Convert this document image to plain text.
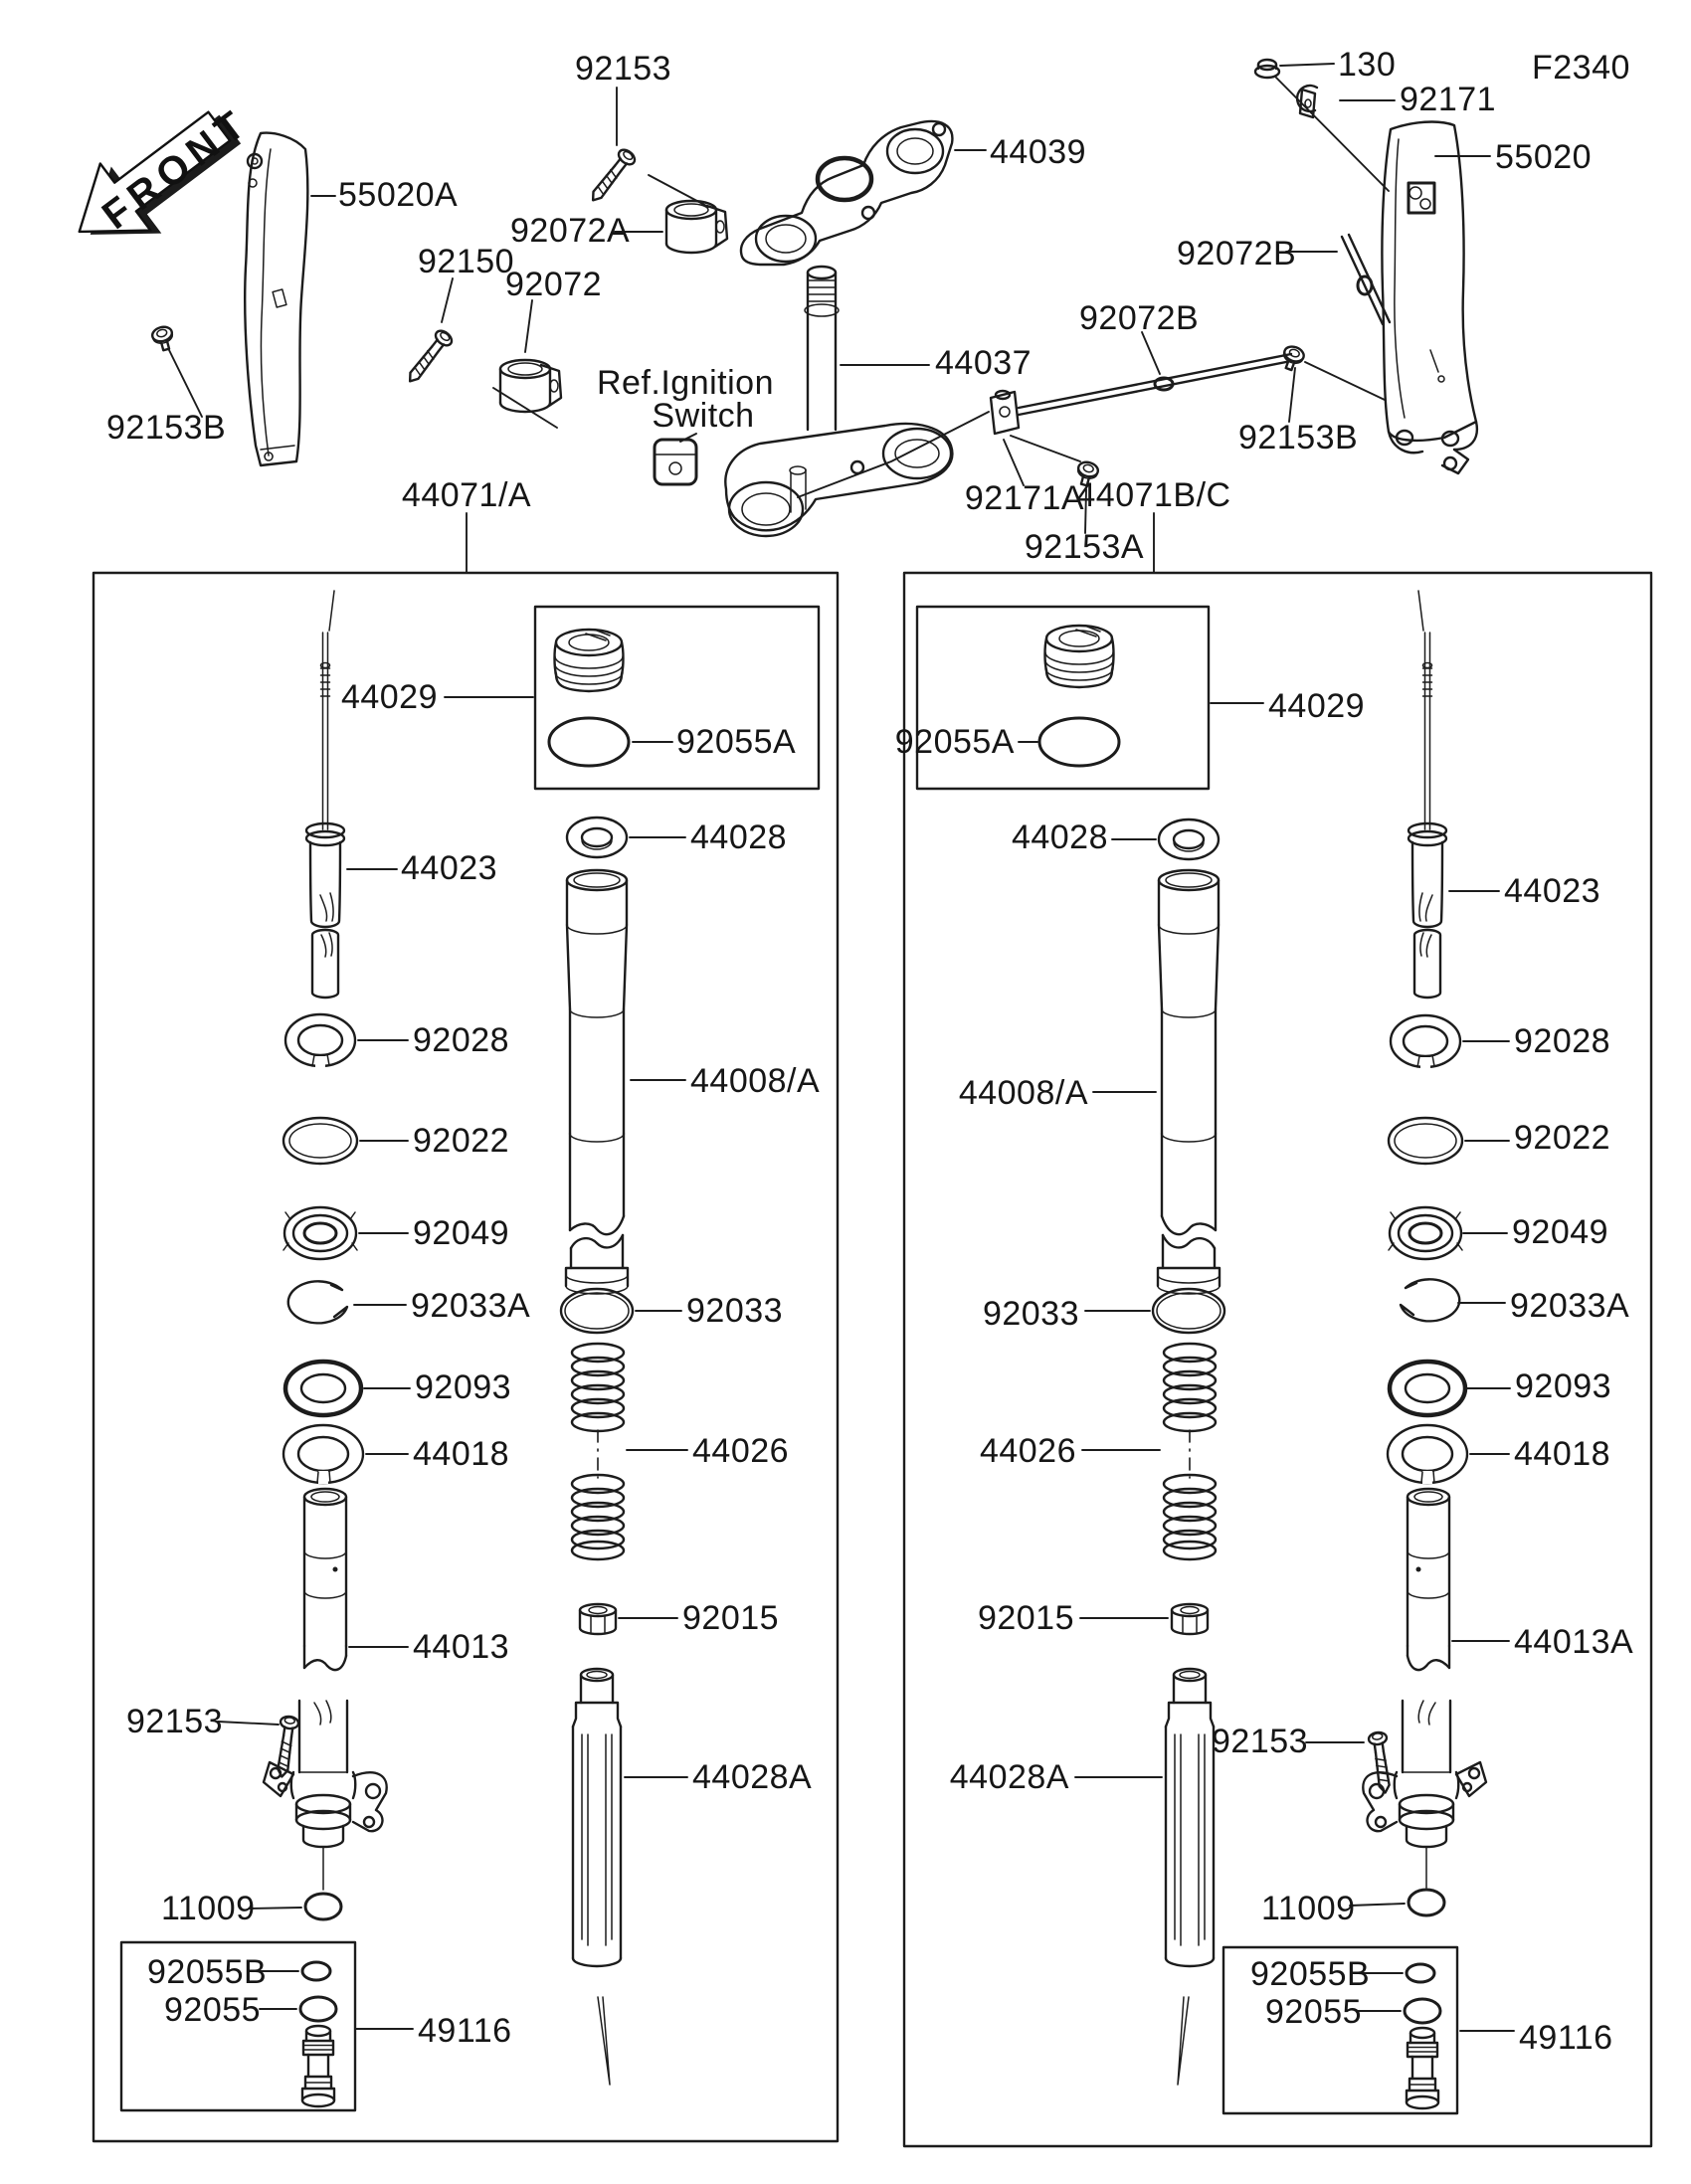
FRONT
92153
44039
130
92171
F2340
55020
55020A
92072A
92150
92072
Ref.Ignition
Switch
92153B
92072B
92072B
92153B
44037
92171A
92153A
44071/A	44071B/C
44029
92055A
44028
44023
92028
44008/A
92022
92049
92033A	92033
92093
44018	44026
92015
44013
92153
44028A
11009
92055B
92055
49116
44029
92055A
44028
44023
92028
44008/A
92022
92049
92033	92033A
92093
44026	44018
92015
44013A
44028A
92153
11009
92055B
92055
49116
